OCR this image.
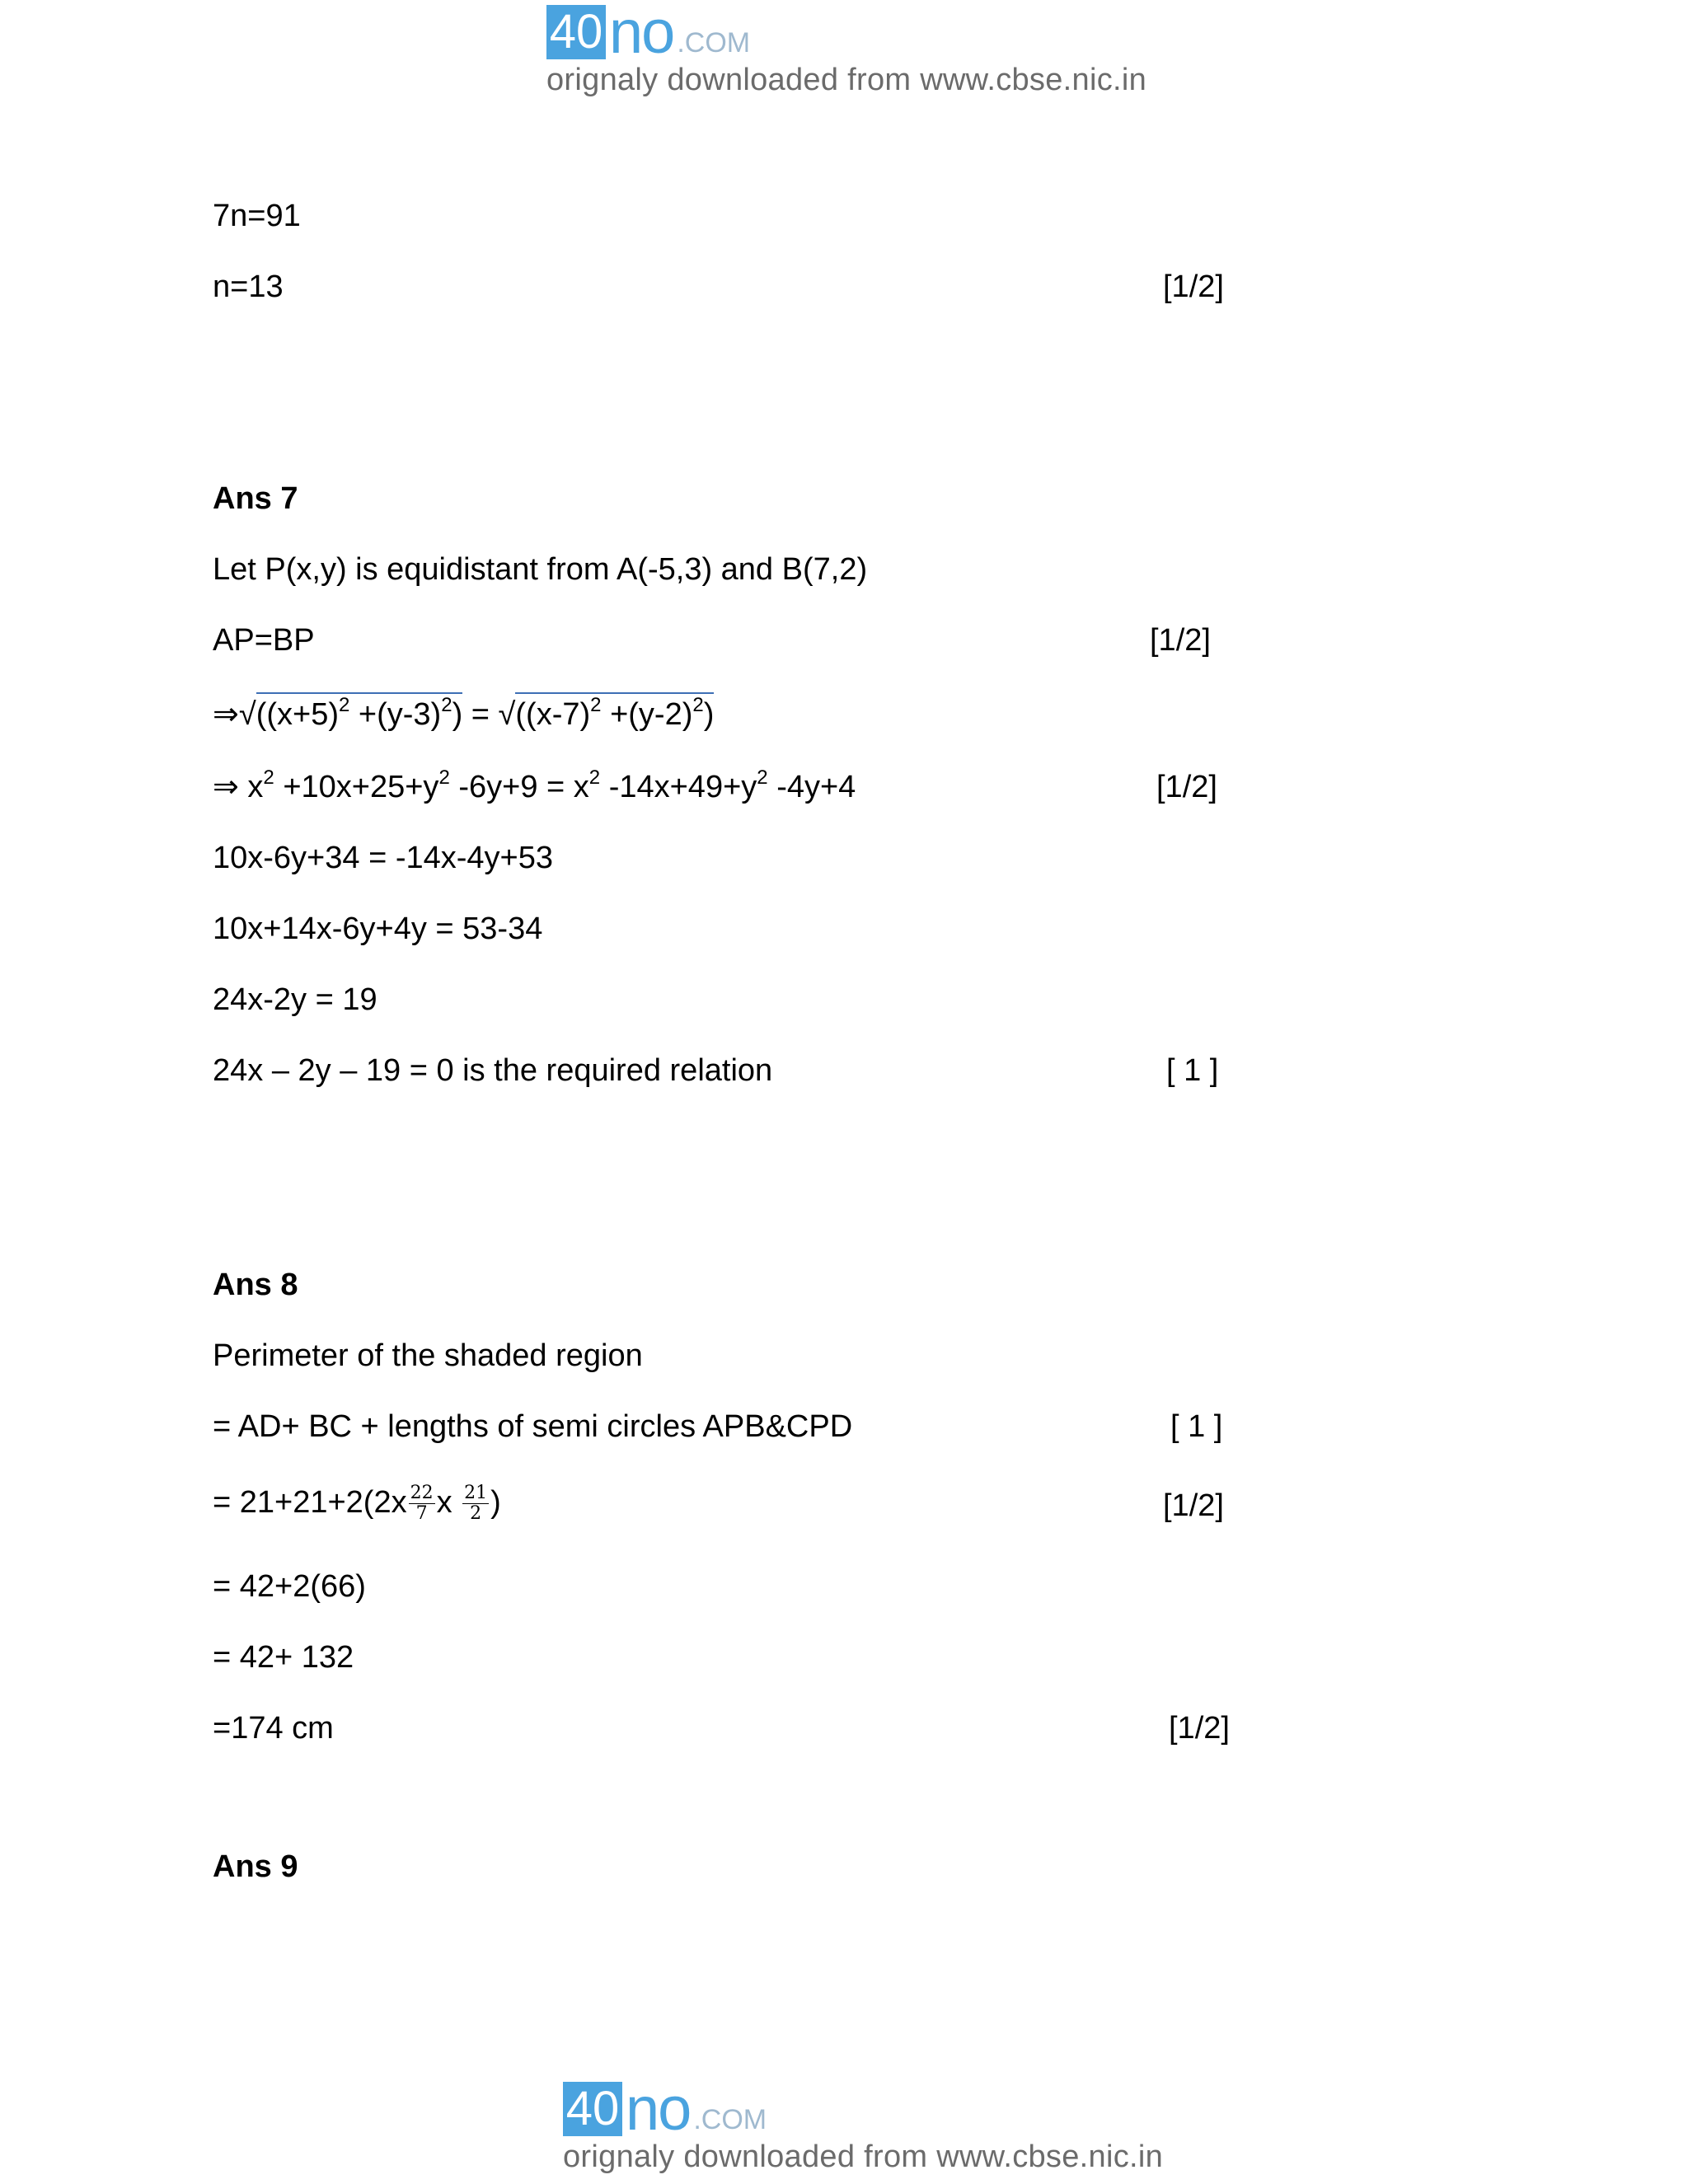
40 no .COM
orignaly downloaded from www.cbse.nic.in
7n=91
n=13	[1/2]
Ans 7
Let P(x,y) is equidistant from A(-5,3) and B(7,2)
AP=BP	[1/2]
$\Rightarrow√((x+5)^2 +(y-3)^2) = √((x-7)^2 +(y-2)^2)$
⇒ $x^2 +10x+25+y^2$ $-6y+9 = x^2$ $-14x+49+y^2$ -4y+4	[1/2]
10x-6y+34 = -14x-4y+53
10x+14x-6y+4y = 53-34
24x-2y = 19
24x – 2y – 19 = 0 is the required relation	[ 1 ]
Ans 8
Perimeter of the shaded region
= AD+ BC + lengths of semi circles APB&CPD	[ 1 ]
= $21+21+2(2x \frac{22}{7}$ x $\frac{21}{2}$ )	[1/2]
= 42+2(66)
= 42+ 132
=174 cm	[1/2]
Ans 9
40 no .COM
orignaly downloaded from www.cbse.nic.in
